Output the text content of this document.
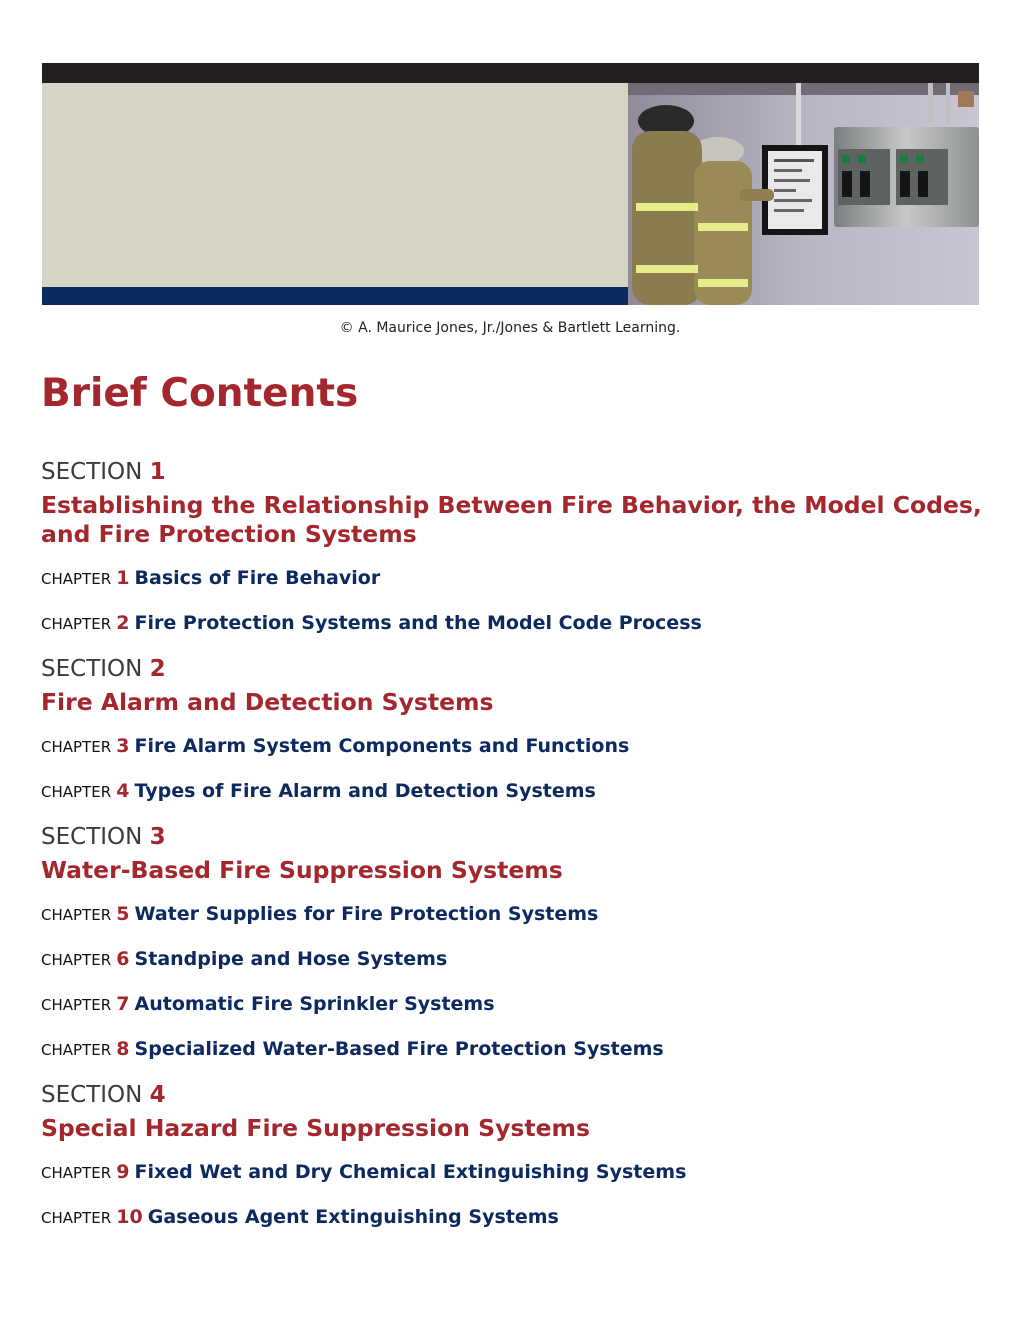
© A. Maurice Jones, Jr./Jones & Bartlett Learning.
Brief Contents
SECTION 1
Establishing the Relationship Between Fire Behavior, the Model Codes, and Fire Protection Systems
CHAPTER 1 Basics of Fire Behavior
CHAPTER 2 Fire Protection Systems and the Model Code Process
SECTION 2
Fire Alarm and Detection Systems
CHAPTER 3 Fire Alarm System Components and Functions
CHAPTER 4 Types of Fire Alarm and Detection Systems
SECTION 3
Water-Based Fire Suppression Systems
CHAPTER 5 Water Supplies for Fire Protection Systems
CHAPTER 6 Standpipe and Hose Systems
CHAPTER 7 Automatic Fire Sprinkler Systems
CHAPTER 8 Specialized Water-Based Fire Protection Systems
SECTION 4
Special Hazard Fire Suppression Systems
CHAPTER 9 Fixed Wet and Dry Chemical Extinguishing Systems
CHAPTER 10 Gaseous Agent Extinguishing Systems
